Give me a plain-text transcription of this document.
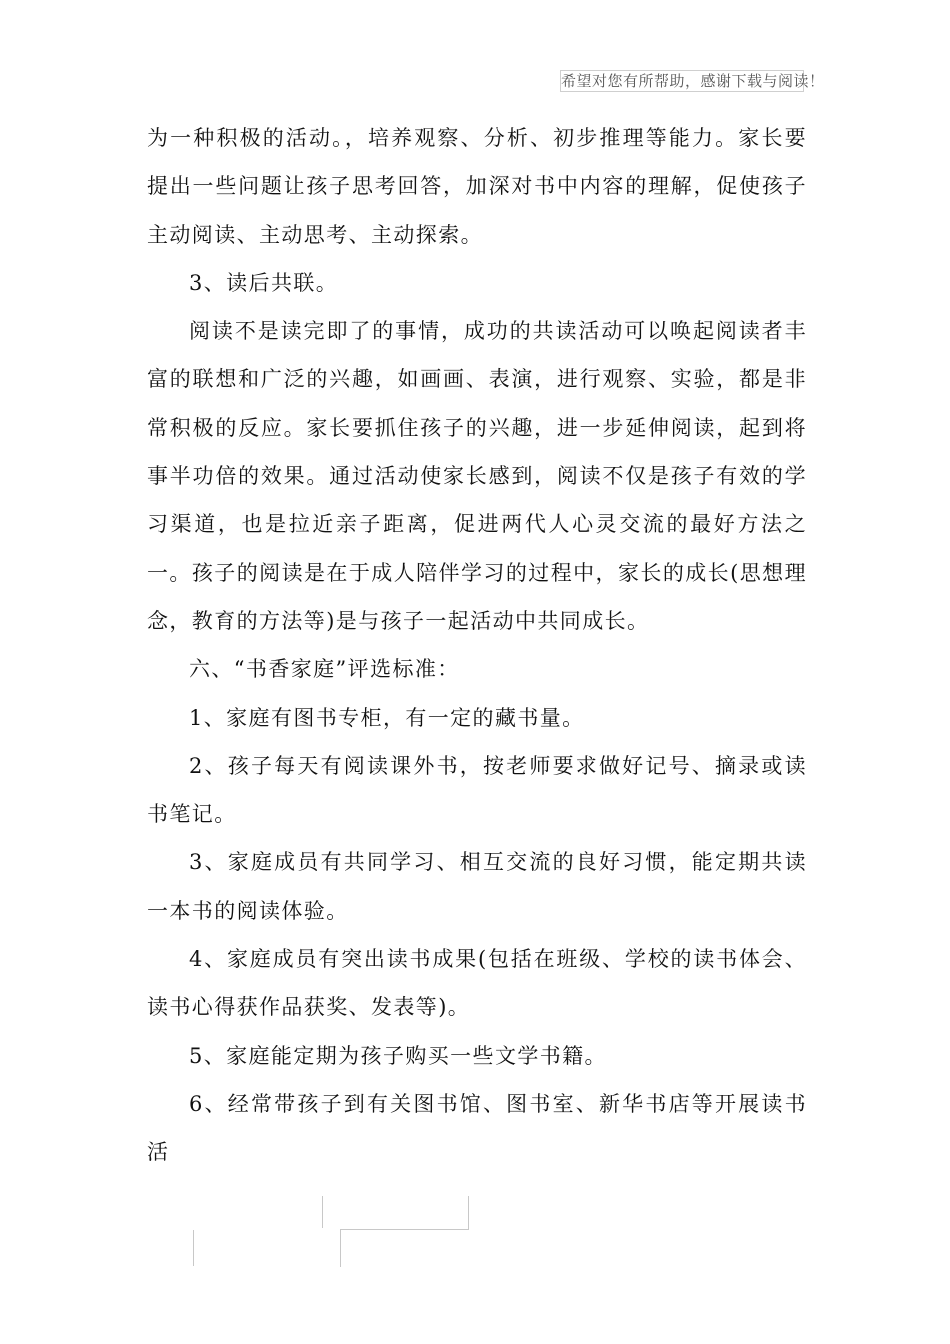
希望对您有所帮助，感谢下载与阅读！

为一种积极的活动。，培养观察、分析、初步推理等能力。家长要提出一些问题让孩子思考回答，加深对书中内容的理解，促使孩子主动阅读、主动思考、主动探索。

3、读后共联。

阅读不是读完即了的事情，成功的共读活动可以唤起阅读者丰富的联想和广泛的兴趣，如画画、表演，进行观察、实验，都是非常积极的反应。家长要抓住孩子的兴趣，进一步延伸阅读，起到将事半功倍的效果。通过活动使家长感到，阅读不仅是孩子有效的学习渠道，也是拉近亲子距离，促进两代人心灵交流的最好方法之一。孩子的阅读是在于成人陪伴学习的过程中，家长的成长(思想理念，教育的方法等)是与孩子一起活动中共同成长。

六、“书香家庭”评选标准：

1、家庭有图书专柜，有一定的藏书量。

2、孩子每天有阅读课外书，按老师要求做好记号、摘录或读书笔记。

3、家庭成员有共同学习、相互交流的良好习惯，能定期共读一本书的阅读体验。

4、家庭成员有突出读书成果(包括在班级、学校的读书体会、读书心得获作品获奖、发表等)。

5、家庭能定期为孩子购买一些文学书籍。

6、经常带孩子到有关图书馆、图书室、新华书店等开展读书活
